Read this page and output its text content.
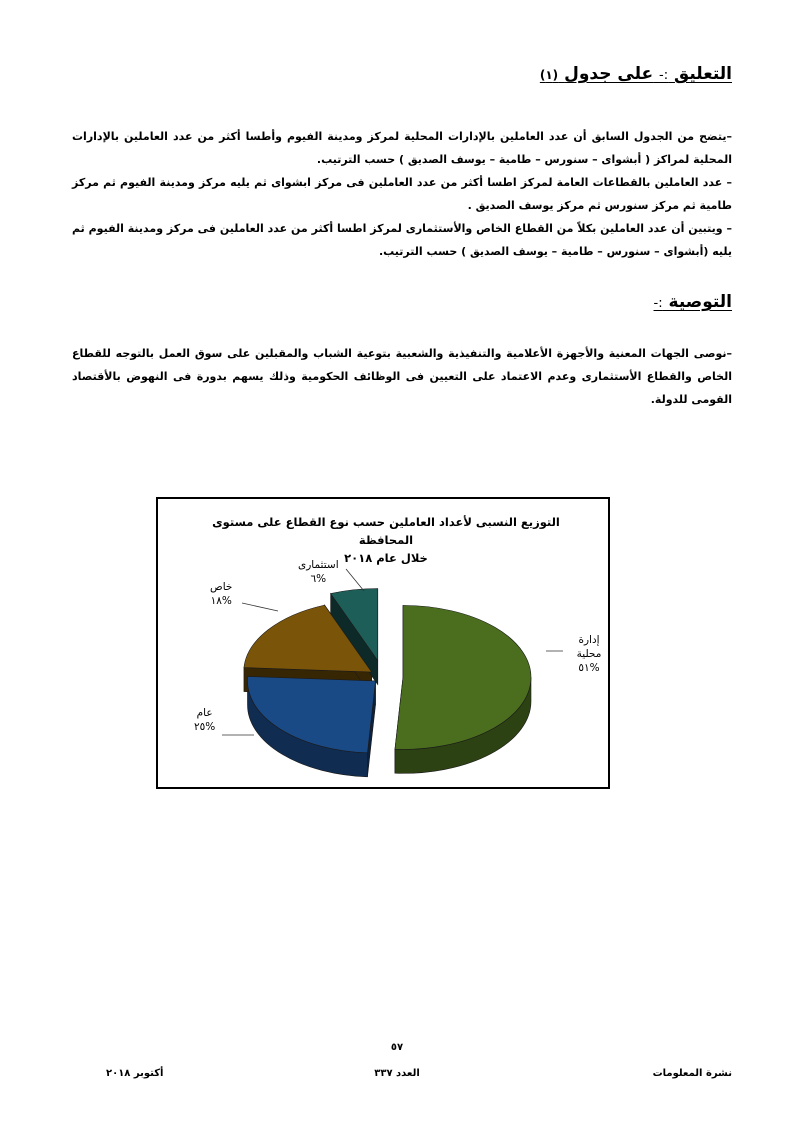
التعليق :- على جدول (١)

–يتضح من الجدول السابق أن عدد العاملين بالإدارات المحلية لمركز ومدينة الفيوم وأطسا أكثر من عدد العاملين بالإدارات المحلية لمراكز ( أبشواى – سنورس – طامية – يوسف الصديق ) حسب الترتيب.

– عدد العاملين بالقطاعات العامة لمركز اطسا أكثر من عدد العاملين فى مركز ابشواى ثم يليه مركز ومدينة الفيوم ثم مركز طامية ثم مركز سنورس ثم مركز يوسف الصديق .

– ويتبين أن عدد العاملين بكلاً من القطاع الخاص والأستثمارى لمركز اطسا أكثر من عدد العاملين فى مركز ومدينة الفيوم ثم يليه (أبشواى – سنورس – طامية – يوسف الصديق ) حسب الترتيب.

التوصية :-

–نوصى الجهات المعنية والأجهزة الأعلامية والتنفيذية والشعبية بتوعية الشباب والمقبلين على سوق العمل بالتوجه للقطاع الخاص والقطاع الأستثمارى وعدم الاعتماد على التعيين فى الوظائف الحكومية وذلك يسهم بدورة فى النهوض بالأقتصاد القومى للدولة.

التوزيع النسبى لأعداد العاملين حسب نوع القطاع على مستوى المحافظة
خلال عام ٢٠١٨
إدارة محلية
٥١%
عام
٢٥%
خاص
١٨%
استثمارى
٦%
٥٧
نشرة المعلومات
العدد ٣٣٧
أكتوبر ٢٠١٨
